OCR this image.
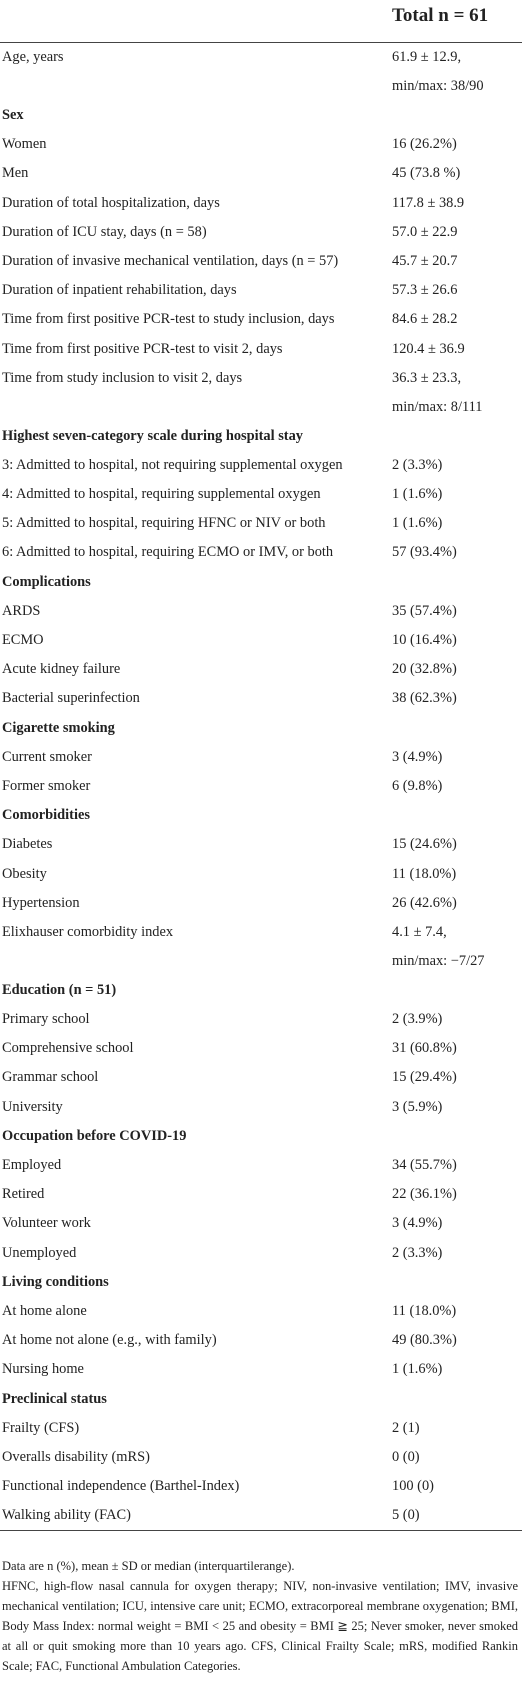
Total n = 61
Age, years	61.9 ± 12.9,
min/max: 38/90
Sex
Women	16 (26.2%)
Men	45 (73.8 %)
Duration of total hospitalization, days	117.8 ± 38.9
Duration of ICU stay, days (n = 58)	57.0 ± 22.9
Duration of invasive mechanical ventilation, days (n = 57)	45.7 ± 20.7
Duration of inpatient rehabilitation, days	57.3 ± 26.6
Time from first positive PCR-test to study inclusion, days	84.6 ± 28.2
Time from first positive PCR-test to visit 2, days	120.4 ± 36.9
Time from study inclusion to visit 2, days	36.3 ± 23.3,
min/max: 8/111
Highest seven-category scale during hospital stay
3: Admitted to hospital, not requiring supplemental oxygen	2 (3.3%)
4: Admitted to hospital, requiring supplemental oxygen	1 (1.6%)
5: Admitted to hospital, requiring HFNC or NIV or both	1 (1.6%)
6: Admitted to hospital, requiring ECMO or IMV, or both	57 (93.4%)
Complications
ARDS	35 (57.4%)
ECMO	10 (16.4%)
Acute kidney failure	20 (32.8%)
Bacterial superinfection	38 (62.3%)
Cigarette smoking
Current smoker	3 (4.9%)
Former smoker	6 (9.8%)
Comorbidities
Diabetes	15 (24.6%)
Obesity	11 (18.0%)
Hypertension	26 (42.6%)
Elixhauser comorbidity index	4.1 ± 7.4,
min/max: −7/27
Education (n = 51)
Primary school	2 (3.9%)
Comprehensive school	31 (60.8%)
Grammar school	15 (29.4%)
University	3 (5.9%)
Occupation before COVID-19
Employed	34 (55.7%)
Retired	22 (36.1%)
Volunteer work	3 (4.9%)
Unemployed	2 (3.3%)
Living conditions
At home alone	11 (18.0%)
At home not alone (e.g., with family)	49 (80.3%)
Nursing home	1 (1.6%)
Preclinical status
Frailty (CFS)	2 (1)
Overalls disability (mRS)	0 (0)
Functional independence (Barthel-Index)	100 (0)
Walking ability (FAC)	5 (0)

Data are n (%), mean ± SD or median (interquartilerange).

HFNC, high-flow nasal cannula for oxygen therapy; NIV, non-invasive ventilation; IMV, invasive mechanical ventilation; ICU, intensive care unit; ECMO, extracorporeal membrane oxygenation; BMI, Body Mass Index: normal weight = BMI < 25 and obesity = BMI ≧ 25; Never smoker, never smoked at all or quit smoking more than 10 years ago. CFS, Clinical Frailty Scale; mRS, modified Rankin Scale; FAC, Functional Ambulation Categories.
